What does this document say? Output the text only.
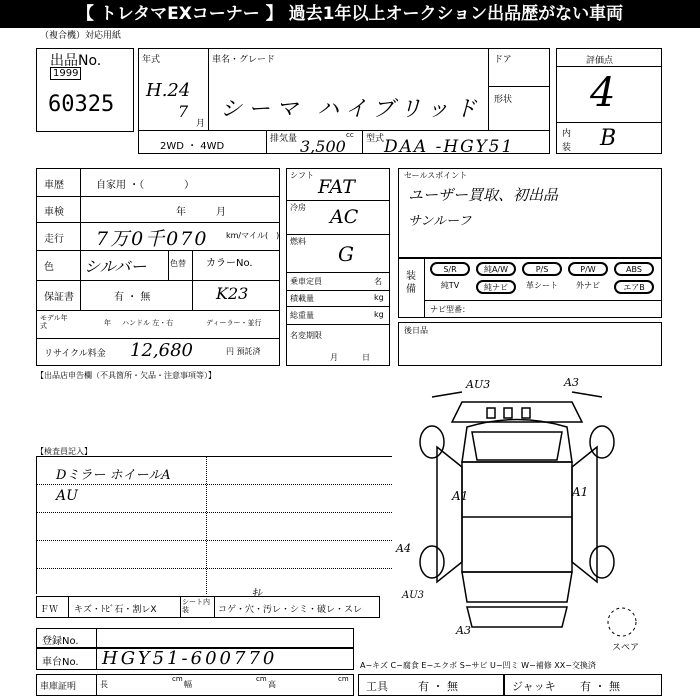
【 トレタマEXコーナー 】 過去1年以上オークション出品歴がない車両
（複合機）対応用紙
出品No.
1999
60325
年式
H.24
7
月
車名・グレード
シーマ ハイブリッド
ドア
形状
2WD ・ 4WD
排気量 3,500
cc 型式 DAA -HGY51
評価点
4
内
装 B
車歴	自家用 ・（　　　　）
車検	年　　　月
走行 7万0千070 km/マイル(　)
色 シルバー	色替 カラーNo.
保証書	有 ・ 無	K23
モデル年式	年 ハンドル 左・右	ディーラー・並行
リサイクル料金 12,680	円 預託済
シフト
FAT
冷房 AC
燃料
G
乗車定員	名
積載量	kg
総重量	kg
名変期限
月　　　日
セールスポイント
ユーザー買取、初出品
サンルーフ
装備
S/R	純A/W	P/S	P/W	ABS
純TV	純ナビ	革シート	外ナビ	エアB
ナビ型番：
後日品
【出品店申告欄（不具箇所・欠品・注意事項等）】
【検査員記入】
Dミラー ホイールA
AU
ＦＷ キズ・ﾄﾋﾞ石・割レX
シート内装	コゲ・穴・汚レ・シミ・破レ・スレ
ｷﾚ
登録No.
車台No. HGY51-600770
車庫証明	長
cm
幅
cm
高
cm
工具	有 ・ 無	ジャッキ 有 ・ 無
A−キズ C−腐食 E−エクボ S−サビ U−凹ミ W−補修 XX−交換済
AU3	A3
A1	A1
A4
AU3
A3
スペア
